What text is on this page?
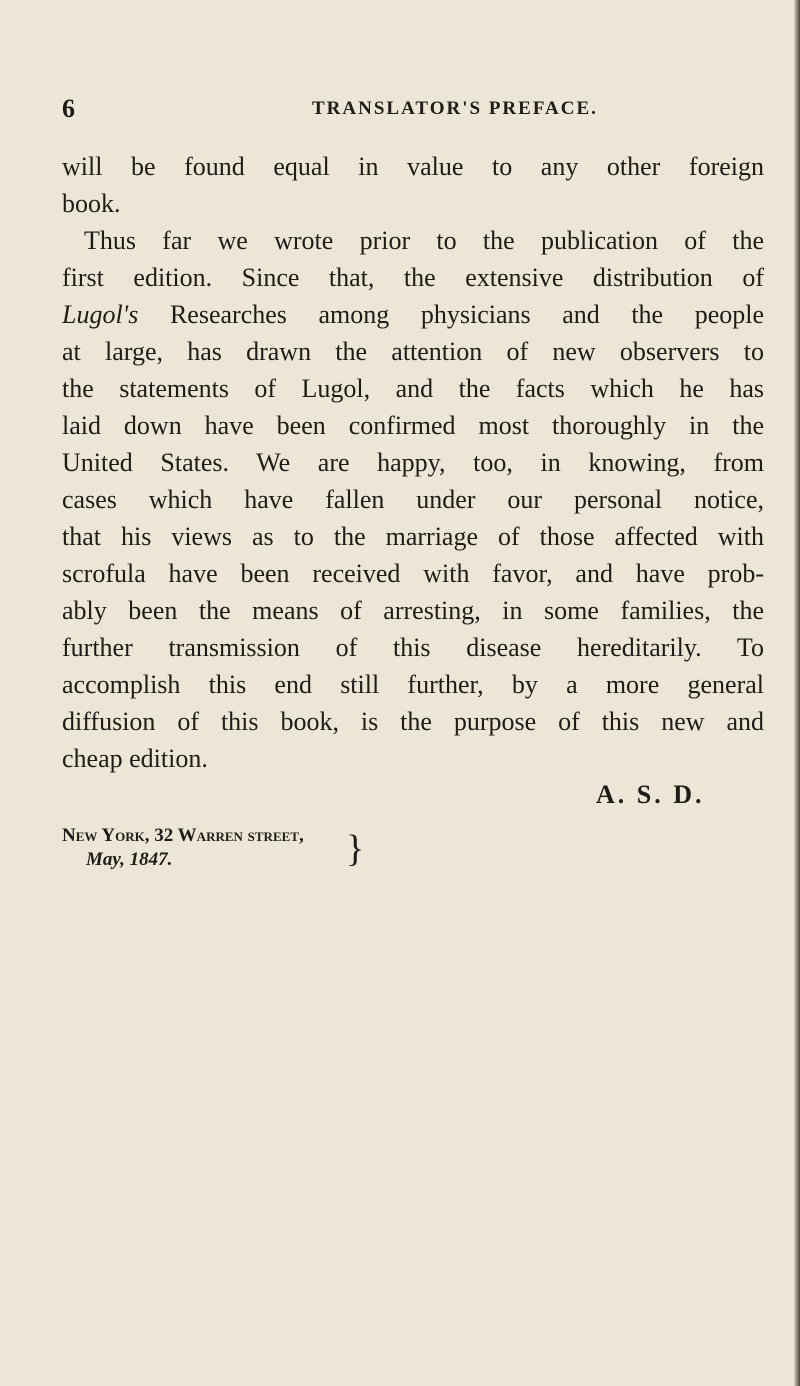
6	TRANSLATOR'S PREFACE.
will be found equal in value to any other foreign
book.
Thus far we wrote prior to the publication of the
first edition. Since that, the extensive distribution of
Lugol's Researches among physicians and the people
at large, has drawn the attention of new observers to
the statements of Lugol, and the facts which he has
laid down have been confirmed most thoroughly in the
United States. We are happy, too, in knowing, from
cases which have fallen under our personal notice,
that his views as to the marriage of those affected with
scrofula have been received with favor, and have prob-
ably been the means of arresting, in some families, the
further transmission of this disease hereditarily. To
accomplish this end still further, by a more general
diffusion of this book, is the purpose of this new and
cheap edition.
A. S. D.
New York, 32 Warren street,
May, 1847.	}
